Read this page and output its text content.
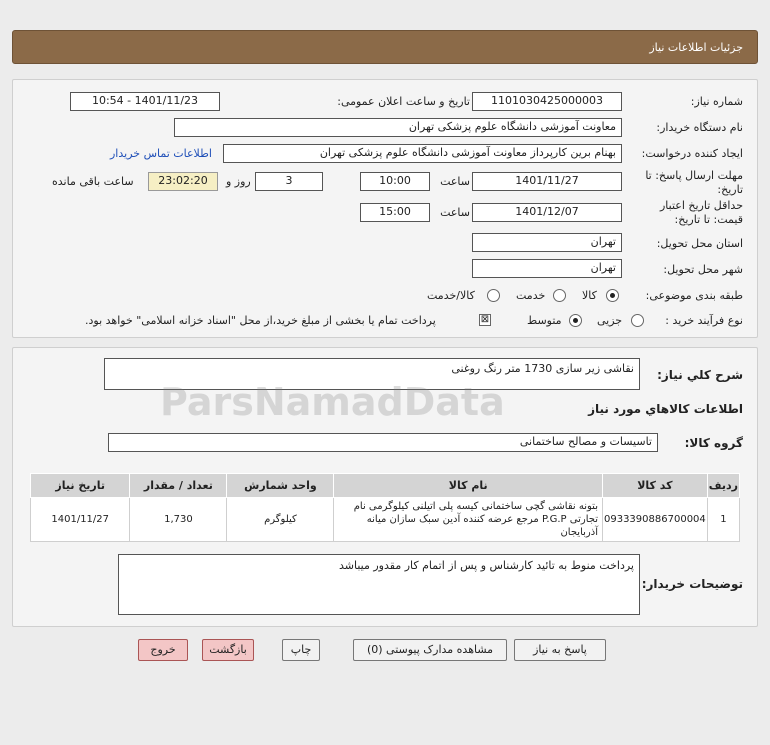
جزئیات اطلاعات نیاز
شماره نیاز:
1101030425000003
تاریخ و ساعت اعلان عمومی:
1401/11/23 - 10:54
نام دستگاه خریدار:
معاونت آموزشی دانشگاه علوم پزشکی تهران
ایجاد کننده درخواست:
بهنام برین کارپرداز معاونت آموزشی دانشگاه علوم پزشکی تهران
اطلاعات تماس خریدار
مهلت ارسال پاسخ: تا تاریخ:
1401/11/27
ساعت
10:00
3
روز و
23:02:20
ساعت باقی مانده
حداقل تاریخ اعتبار قیمت: تا تاریخ:
1401/12/07
ساعت
15:00
استان محل تحویل:
تهران
شهر محل تحویل:
تهران
طبقه بندی موضوعی:
کالا
خدمت
کالا/خدمت
نوع فرآیند خرید :
جزیی
متوسط
⊠
پرداخت تمام یا بخشی از مبلغ خرید،از محل "اسناد خزانه اسلامی" خواهد بود.
شرح کلي نياز:
نقاشی زیر سازی 1730 متر رنگ روغنی
اطلاعات کالاهاي مورد نياز
گروه کالا:
تاسیسات و مصالح ساختمانی
ParsNamadData
ردیف	کد کالا	نام کالا	واحد شمارش	تعداد / مقدار	تاریخ نیاز
1	0933390886700004	بتونه نقاشی گچی ساختمانی کیسه پلی اتیلنی کیلوگرمی نام تجارتی P.G.P مرجع عرضه کننده آدین سبک سازان میانه آذربایجان	کیلوگرم	1,730	1401/11/27
توضیحات خریدار:
پرداخت منوط به تائید کارشناس و پس از اتمام کار مقدور میباشد
پاسخ به نیاز
مشاهده مدارک پیوستی (0)
چاپ
بازگشت
خروج
